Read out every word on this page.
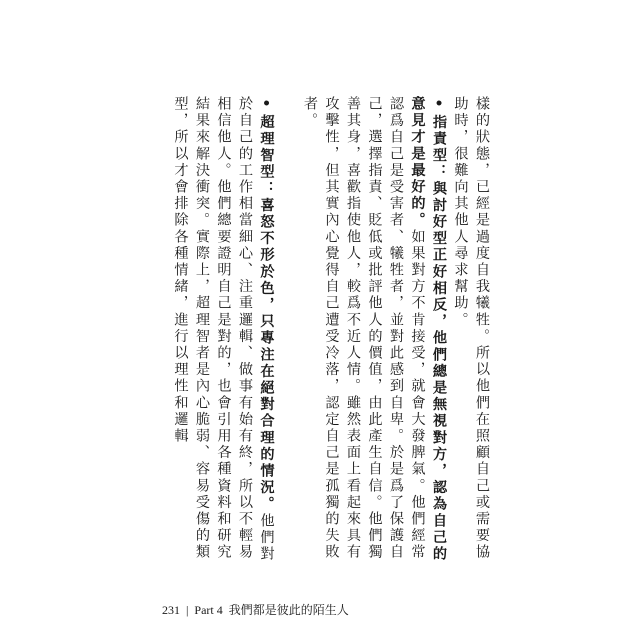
樣的狀態，已經是過度自我犧牲。所以他們在照顧自己或需要協助時，很難向其他人尋求幫助。

•指責型：與討好型正好相反，他們總是無視對方，認為自己的意見才是最好的。如果對方不肯接受，就會大發脾氣。他們經常認爲自己是受害者、犧牲者，並對此感到自卑。於是爲了保護自己，選擇指責、貶低或批評他人的價值，由此產生自信。他們獨善其身，喜歡指使他人，較爲不近人情。雖然表面上看起來具有攻擊性，但其實內心覺得自己遭受冷落，認定自己是孤獨的失敗者。

•超理智型：喜怒不形於色，只專注在絕對合理的情況。他們對於自己的工作相當細心、注重邏輯、做事有始有終，所以不輕易相信他人。他們總要證明自己是對的，也會引用各種資料和研究結果來解決衝突。實際上，超理智者是內心脆弱、容易受傷的類型，所以才會排除各種情緒，進行以理性和邏輯

231 | Part 4 我們都是彼此的陌生人
